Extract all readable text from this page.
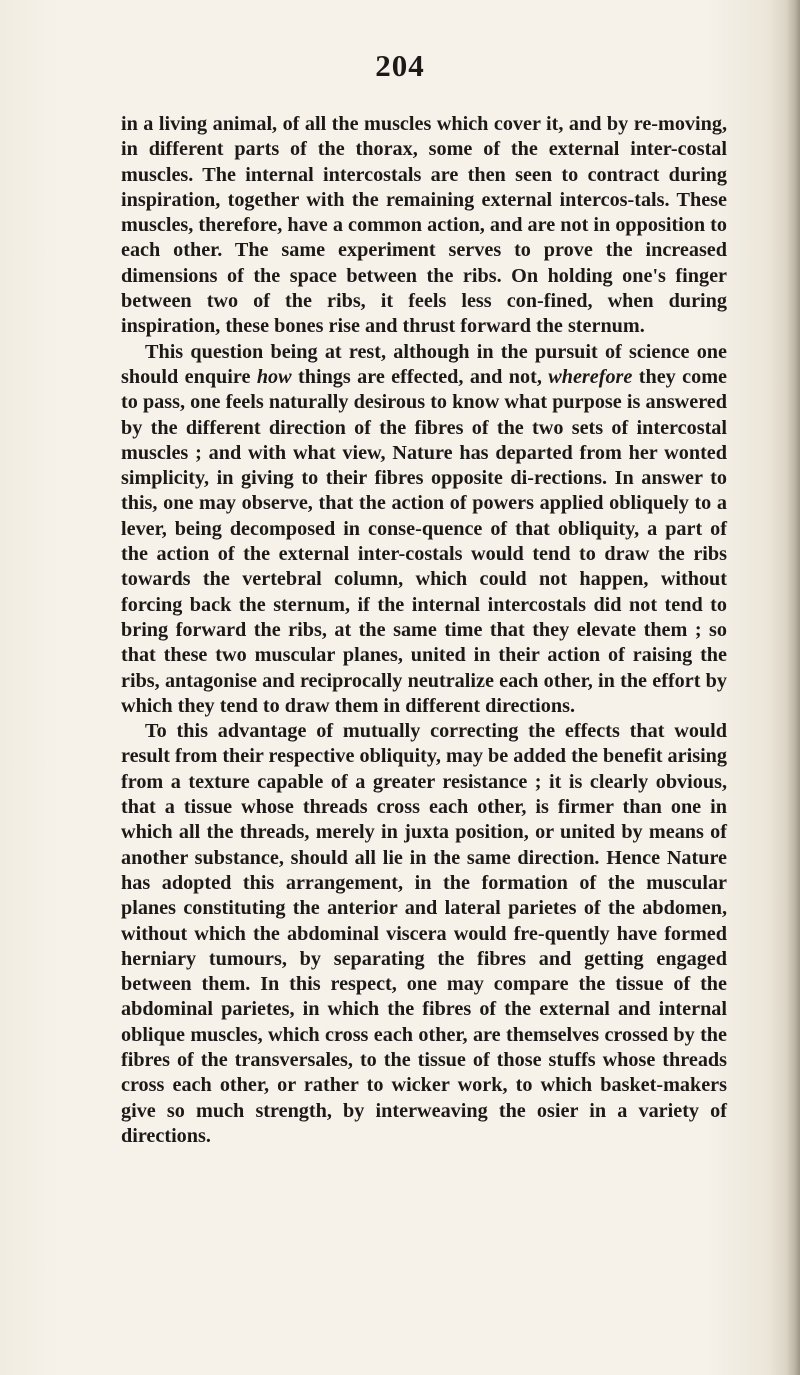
204

in a living animal, of all the muscles which cover it, and by re-moving, in different parts of the thorax, some of the external inter-costal muscles. The internal intercostals are then seen to contract during inspiration, together with the remaining external intercos-tals. These muscles, therefore, have a common action, and are not in opposition to each other. The same experiment serves to prove the increased dimensions of the space between the ribs. On holding one's finger between two of the ribs, it feels less con-fined, when during inspiration, these bones rise and thrust forward the sternum.

This question being at rest, although in the pursuit of science one should enquire how things are effected, and not, wherefore they come to pass, one feels naturally desirous to know what purpose is answered by the different direction of the fibres of the two sets of intercostal muscles ; and with what view, Nature has departed from her wonted simplicity, in giving to their fibres opposite di-rections. In answer to this, one may observe, that the action of powers applied obliquely to a lever, being decomposed in conse-quence of that obliquity, a part of the action of the external inter-costals would tend to draw the ribs towards the vertebral column, which could not happen, without forcing back the sternum, if the internal intercostals did not tend to bring forward the ribs, at the same time that they elevate them ; so that these two muscular planes, united in their action of raising the ribs, antagonise and reciprocally neutralize each other, in the effort by which they tend to draw them in different directions.

To this advantage of mutually correcting the effects that would result from their respective obliquity, may be added the benefit arising from a texture capable of a greater resistance ; it is clearly obvious, that a tissue whose threads cross each other, is firmer than one in which all the threads, merely in juxta position, or united by means of another substance, should all lie in the same direction. Hence Nature has adopted this arrangement, in the formation of the muscular planes constituting the anterior and lateral parietes of the abdomen, without which the abdominal viscera would fre-quently have formed herniary tumours, by separating the fibres and getting engaged between them. In this respect, one may compare the tissue of the abdominal parietes, in which the fibres of the external and internal oblique muscles, which cross each other, are themselves crossed by the fibres of the transversales, to the tissue of those stuffs whose threads cross each other, or rather to wicker work, to which basket-makers give so much strength, by interweaving the osier in a variety of directions.
